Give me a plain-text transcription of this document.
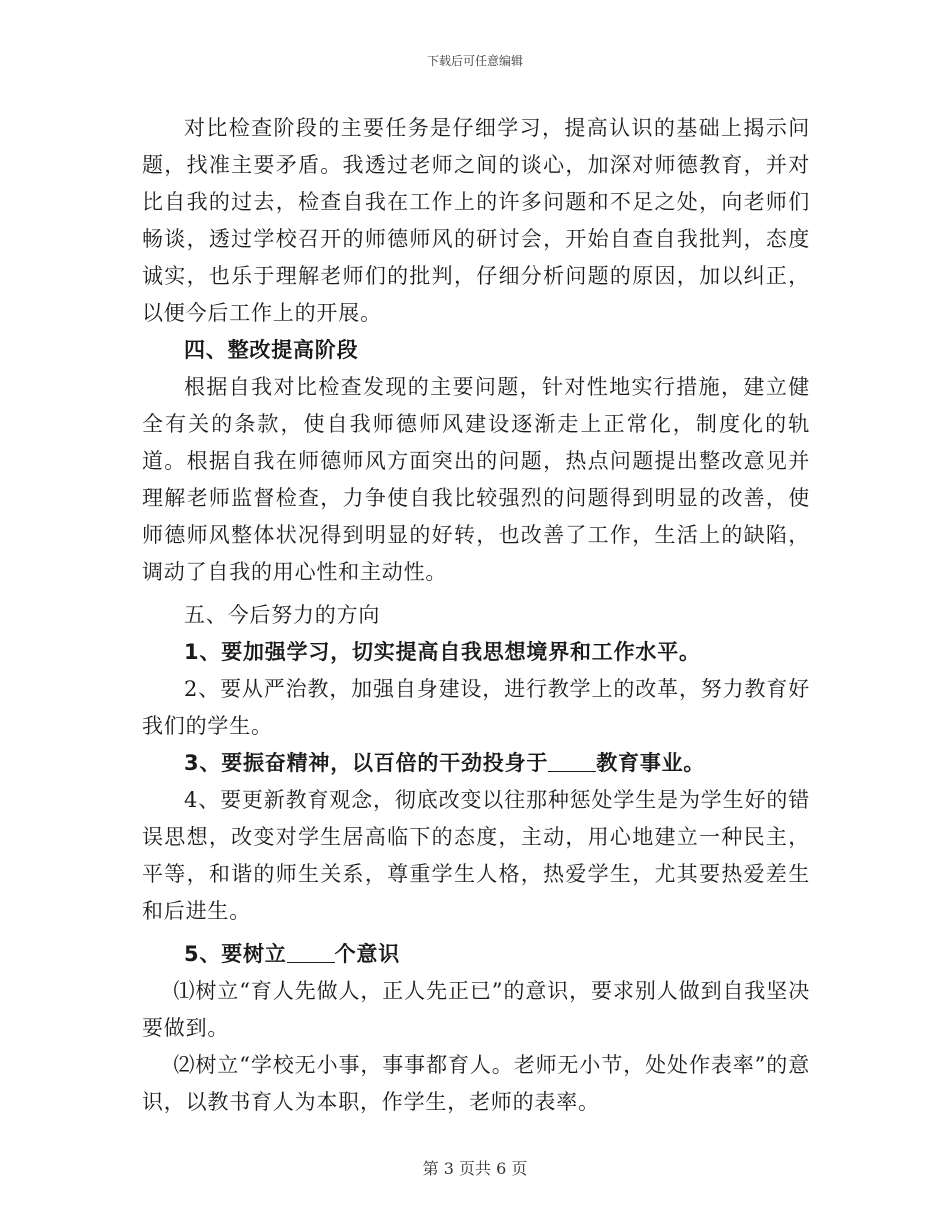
下载后可任意编辑

对比检查阶段的主要任务是仔细学习，提高认识的基础上揭示问题，找准主要矛盾。我透过老师之间的谈心，加深对师德教育，并对比自我的过去，检查自我在工作上的许多问题和不足之处，向老师们畅谈，透过学校召开的师德师风的研讨会，开始自查自我批判，态度诚实，也乐于理解老师们的批判，仔细分析问题的原因，加以纠正，以便今后工作上的开展。

四、整改提高阶段

根据自我对比检查发现的主要问题，针对性地实行措施，建立健全有关的条款，使自我师德师风建设逐渐走上正常化，制度化的轨道。根据自我在师德师风方面突出的问题，热点问题提出整改意见并理解老师监督检查，力争使自我比较强烈的问题得到明显的改善，使师德师风整体状况得到明显的好转，也改善了工作，生活上的缺陷，调动了自我的用心性和主动性。

五、今后努力的方向

1、要加强学习，切实提高自我思想境界和工作水平。

2、要从严治教，加强自身建设，进行教学上的改革，努力教育好我们的学生。

3、要振奋精神，以百倍的干劲投身于 教育事业。

4、要更新教育观念，彻底改变以往那种惩处学生是为学生好的错误思想，改变对学生居高临下的态度，主动，用心地建立一种民主，平等，和谐的师生关系，尊重学生人格，热爱学生，尤其要热爱差生和后进生。

5、要树立 个意识

⑴树立“育人先做人，正人先正已”的意识，要求别人做到自我坚决要做到。

⑵树立“学校无小事，事事都育人。老师无小节，处处作表率”的意识，以教书育人为本职，作学生，老师的表率。

第 3 页共 6 页
